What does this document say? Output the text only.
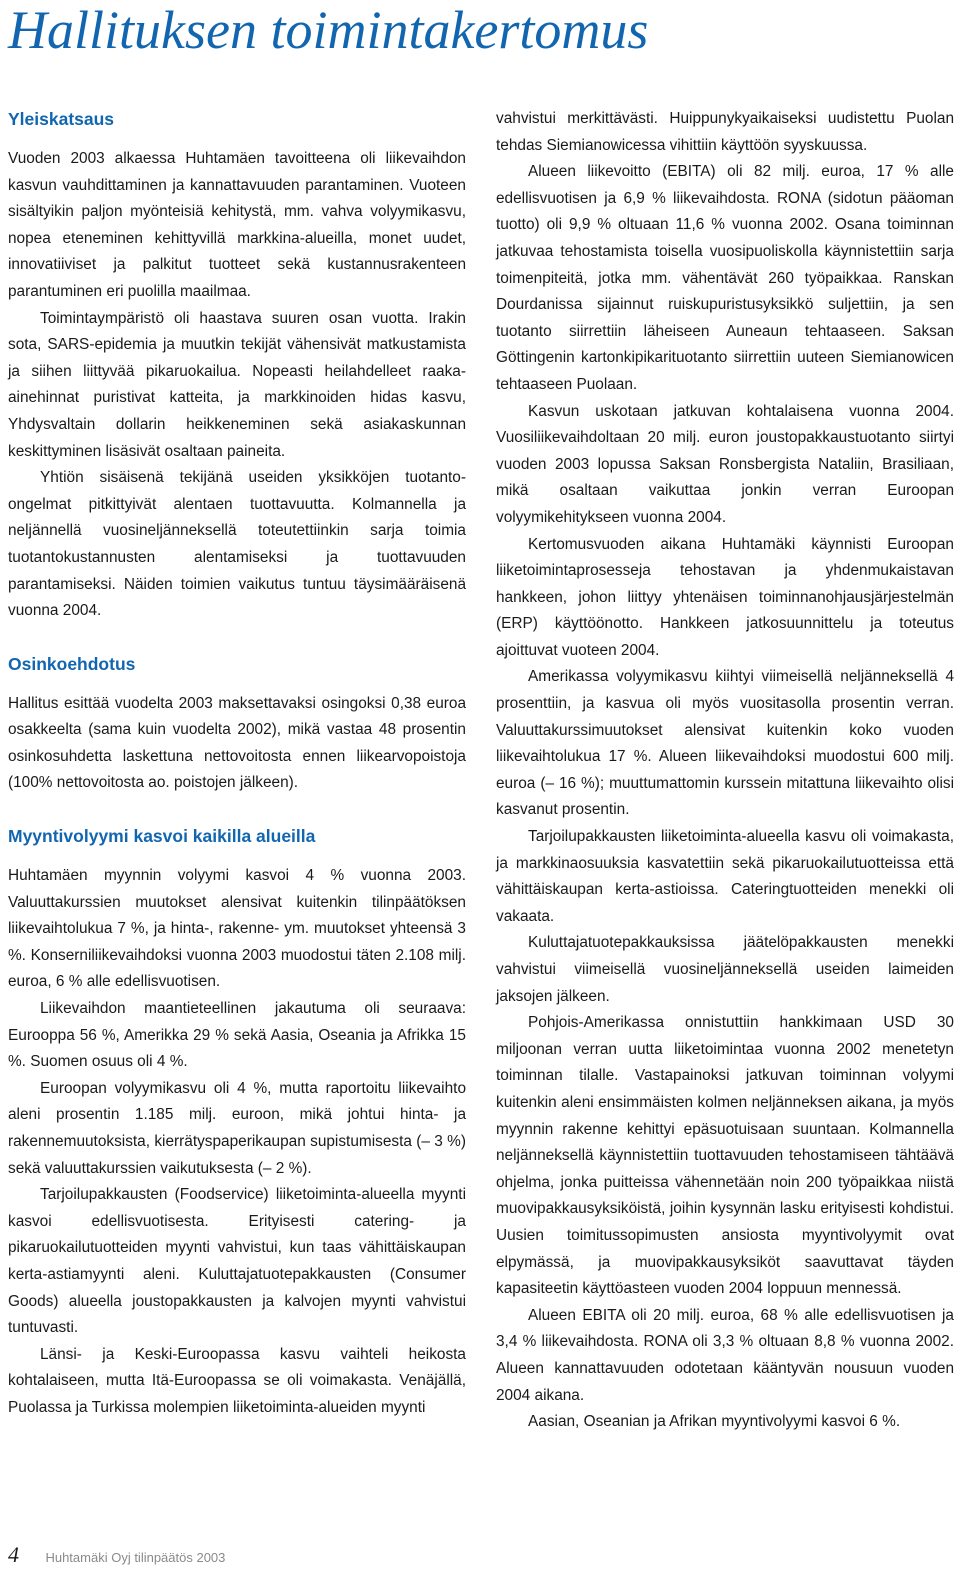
Hallituksen toimintakertomus
Yleiskatsaus

Vuoden 2003 alkaessa Huhtamäen tavoitteena oli liikevaihdon kasvun vauhdittaminen ja kannattavuuden parantaminen. Vuoteen sisältyikin paljon myönteisiä kehitystä, mm. vahva volyymikasvu, nopea eteneminen kehittyvillä markkina-alueilla, monet uudet, innovatiiviset ja palkitut tuotteet sekä kustannusrakenteen parantuminen eri puolilla maailmaa.

Toimintaympäristö oli haastava suuren osan vuotta. Irakin sota, SARS-epidemia ja muutkin tekijät vähensivät matkustamista ja siihen liittyvää pikaruokailua. Nopeasti heilahdelleet raaka-ainehinnat puristivat katteita, ja markkinoiden hidas kasvu, Yhdysvaltain dollarin heikkeneminen sekä asiakaskunnan keskittyminen lisäsivät osaltaan paineita.

Yhtiön sisäisenä tekijänä useiden yksikköjen tuotanto-ongelmat pitkittyivät alentaen tuottavuutta. Kolmannella ja neljännellä vuosineljänneksellä toteutettiinkin sarja toimia tuotantokustannusten alentamiseksi ja tuottavuuden parantamiseksi. Näiden toimien vaikutus tuntuu täysimääräisenä vuonna 2004.

Osinkoehdotus

Hallitus esittää vuodelta 2003 maksettavaksi osingoksi 0,38 euroa osakkeelta (sama kuin vuodelta 2002), mikä vastaa 48 prosentin osinkosuhdetta laskettuna nettovoitosta ennen liikearvopoistoja (100% nettovoitosta ao. poistojen jälkeen).

Myyntivolyymi kasvoi kaikilla alueilla

Huhtamäen myynnin volyymi kasvoi 4 % vuonna 2003. Valuuttakurssien muutokset alensivat kuitenkin tilinpäätöksen liikevaihtolukua 7 %, ja hinta-, rakenne- ym. muutokset yhteensä 3 %. Konserniliikevaihdoksi vuonna 2003 muodostui täten 2.108 milj. euroa, 6 % alle edellisvuotisen.

Liikevaihdon maantieteellinen jakautuma oli seuraava: Eurooppa 56 %, Amerikka 29 % sekä Aasia, Oseania ja Afrikka 15 %. Suomen osuus oli 4 %.

Euroopan volyymikasvu oli 4 %, mutta raportoitu liikevaihto aleni prosentin 1.185 milj. euroon, mikä johtui hinta- ja rakennemuutoksista, kierrätyspaperikaupan supistumisesta (– 3 %) sekä valuuttakurssien vaikutuksesta (– 2 %).

Tarjoilupakkausten (Foodservice) liiketoiminta-alueella myynti kasvoi edellisvuotisesta. Erityisesti catering- ja pikaruokailutuotteiden myynti vahvistui, kun taas vähittäiskaupan kerta-astiamyynti aleni. Kuluttajatuotepakkausten (Consumer Goods) alueella joustopakkausten ja kalvojen myynti vahvistui tuntuvasti.

Länsi- ja Keski-Euroopassa kasvu vaihteli heikosta kohtalaiseen, mutta Itä-Euroopassa se oli voimakasta. Venäjällä, Puolassa ja Turkissa molempien liiketoiminta-alueiden myynti

vahvistui merkittävästi. Huippunykyaikaiseksi uudistettu Puolan tehdas Siemianowicessa vihittiin käyttöön syyskuussa.

Alueen liikevoitto (EBITA) oli 82 milj. euroa, 17 % alle edellisvuotisen ja 6,9 % liikevaihdosta. RONA (sidotun pääoman tuotto) oli 9,9 % oltuaan 11,6 % vuonna 2002. Osana toiminnan jatkuvaa tehostamista toisella vuosipuoliskolla käynnistettiin sarja toimenpiteitä, jotka mm. vähentävät 260 työpaikkaa. Ranskan Dourdanissa sijainnut ruiskupuristusyksikkö suljettiin, ja sen tuotanto siirrettiin läheiseen Auneaun tehtaaseen. Saksan Göttingenin kartonkipikarituotanto siirrettiin uuteen Siemianowicen tehtaaseen Puolaan.

Kasvun uskotaan jatkuvan kohtalaisena vuonna 2004. Vuosiliikevaihdoltaan 20 milj. euron joustopakkaustuotanto siirtyi vuoden 2003 lopussa Saksan Ronsbergista Nataliin, Brasiliaan, mikä osaltaan vaikuttaa jonkin verran Euroopan volyymikehitykseen vuonna 2004.

Kertomusvuoden aikana Huhtamäki käynnisti Euroopan liiketoimintaprosesseja tehostavan ja yhdenmukaistavan hankkeen, johon liittyy yhtenäisen toiminnanohjausjärjestelmän (ERP) käyttöönotto. Hankkeen jatkosuunnittelu ja toteutus ajoittuvat vuoteen 2004.

Amerikassa volyymikasvu kiihtyi viimeisellä neljänneksellä 4 prosenttiin, ja kasvua oli myös vuositasolla prosentin verran. Valuuttakurssimuutokset alensivat kuitenkin koko vuoden liikevaihtolukua 17 %. Alueen liikevaihdoksi muodostui 600 milj. euroa (– 16 %); muuttumattomin kurssein mitattuna liikevaihto olisi kasvanut prosentin.

Tarjoilupakkausten liiketoiminta-alueella kasvu oli voimakasta, ja markkinaosuuksia kasvatettiin sekä pikaruokailutuotteissa että vähittäiskaupan kerta-astioissa. Cateringtuotteiden menekki oli vakaata.

Kuluttajatuotepakkauksissa jäätelöpakkausten menekki vahvistui viimeisellä vuosineljänneksellä useiden laimeiden jaksojen jälkeen.

Pohjois-Amerikassa onnistuttiin hankkimaan USD 30 miljoonan verran uutta liiketoimintaa vuonna 2002 menetetyn toiminnan tilalle. Vastapainoksi jatkuvan toiminnan volyymi kuitenkin aleni ensimmäisten kolmen neljänneksen aikana, ja myös myynnin rakenne kehittyi epäsuotuisaan suuntaan. Kolmannella neljänneksellä käynnistettiin tuottavuuden tehostamiseen tähtäävä ohjelma, jonka puitteissa vähennetään noin 200 työpaikkaa niistä muovipakkausyksiköistä, joihin kysynnän lasku erityisesti kohdistui. Uusien toimitussopimusten ansiosta myyntivolyymit ovat elpymässä, ja muovipakkausyksiköt saavuttavat täyden kapasiteetin käyttöasteen vuoden 2004 loppuun mennessä.

Alueen EBITA oli 20 milj. euroa, 68 % alle edellisvuotisen ja 3,4 % liikevaihdosta. RONA oli 3,3 % oltuaan 8,8 % vuonna 2002. Alueen kannattavuuden odotetaan kääntyvän nousuun vuoden 2004 aikana.

Aasian, Oseanian ja Afrikan myyntivolyymi kasvoi 6 %.

4 Huhtamäki Oyj tilinpäätös 2003
